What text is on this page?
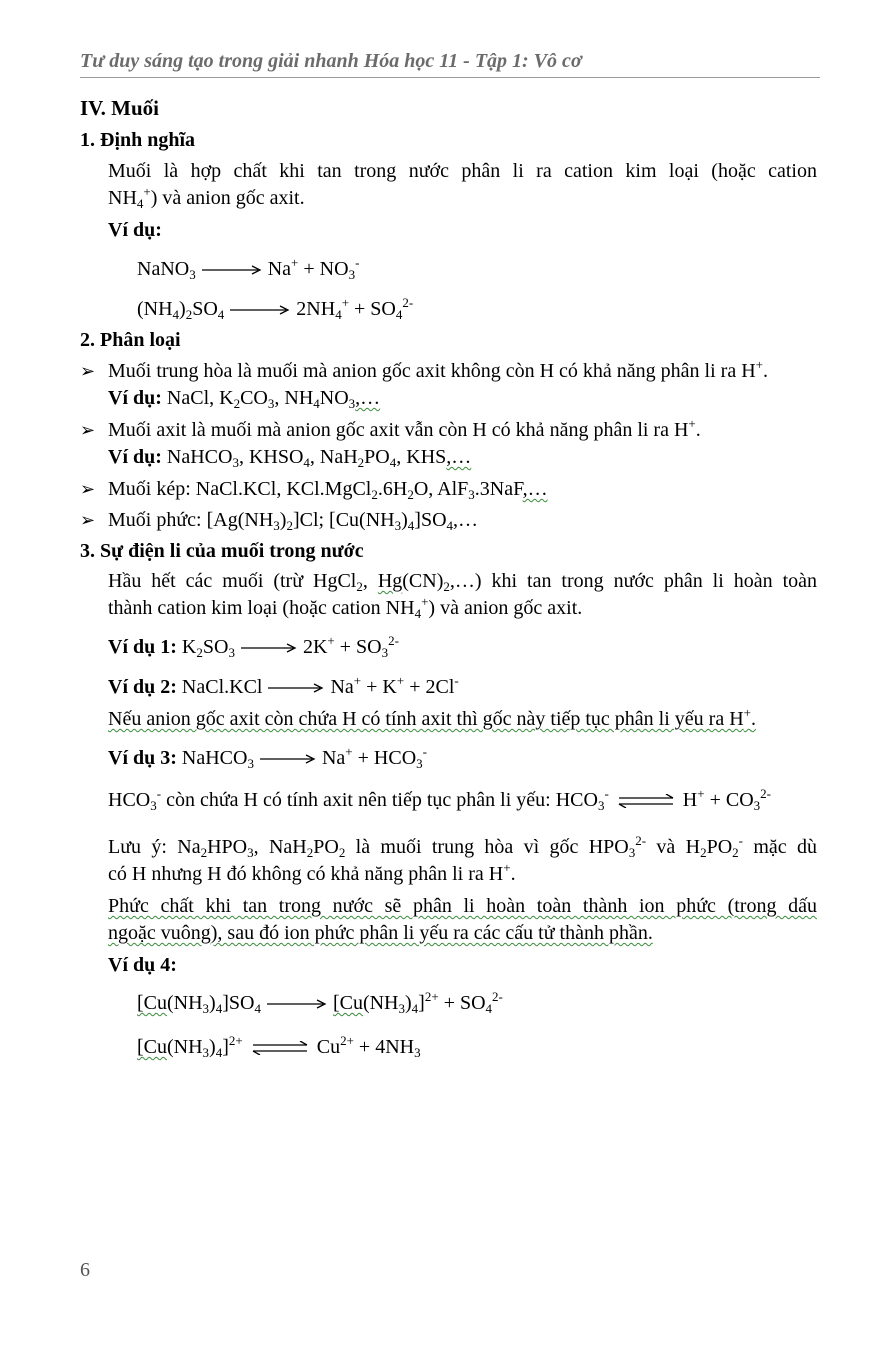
Tư duy sáng tạo trong giải nhanh Hóa học 11 - Tập 1: Vô cơ
IV. Muối
1. Định nghĩa
Muối là hợp chất khi tan trong nước phân li ra cation kim loại (hoặc cation
$NH_4^+$) và anion gốc axit.
Ví dụ:
NaNO$_3$	$Na^+ + NO_3^-$
$(NH_4)_2SO_4$	$2NH_4^+ + SO_4^{2-}$
2. Phân loại
➢ Muối trung hòa là muối mà anion gốc axit không còn H có khả năng phân li ra H+.
Ví dụ: NaCl, $K_2CO_3$, $NH_4NO_3,\dots$
➢ Muối axit là muối mà anion gốc axit vẫn còn H có khả năng phân li ra H+.
Ví dụ: NaHCO$_3$, $KHSO_4$, $NaH_2PO_4$, KHS,…
➢ Muối kép: NaCl.KCl, $KCl.MgCl_2.6H_2O$, AlF$_3$.3NaF,…
➢ Muối phức: $[Ag(NH_3)_2]Cl$; $[Cu(NH_3)_4]SO_4,\dots$
3. Sự điện li của muối trong nước
Hầu hết các muối (trừ HgCl$_2$, $Hg(CN)_2,\dots$) khi tan trong nước phân li hoàn toàn
thành cation kim loại (hoặc cation $NH_4^+$) và anion gốc axit.
Ví dụ 1: $K_2SO_3$	$2K^+ + SO_3^{2-}$
Ví dụ 2: NaCl.KCl	Na+ + K+ + 2Cl-
Nếu anion gốc axit còn chứa H có tính axit thì gốc này tiếp tục phân li yếu ra H+.
Ví dụ 3: NaHCO$_3$	$Na^+ + HCO_3^-$
$HCO_3^-$ còn chứa H có tính axit nên tiếp tục phân li yếu: $HCO_3^-$ ⇌ $H^+ + CO_3^{2-}$
Lưu ý: $Na_2HPO_3$, $NaH_2PO_2$ là muối trung hòa vì gốc $HPO_3^{2-}$ và $H_2PO_2^-$ mặc dù
có H nhưng H đó không có khả năng phân li ra H+.
Phức chất khi tan trong nước sẽ phân li hoàn toàn thành ion phức (trong dấu
ngoặc vuông), sau đó ion phức phân li yếu ra các cấu tử thành phần.
Ví dụ 4:
$[Cu(NH_3)_4]SO_4$	$[Cu(NH_3)_4]^{2+} + SO_4^{2-}$
$[Cu(NH_3)_4]^{2+}$ ⇌ $Cu^{2+} + 4NH_3$
6
